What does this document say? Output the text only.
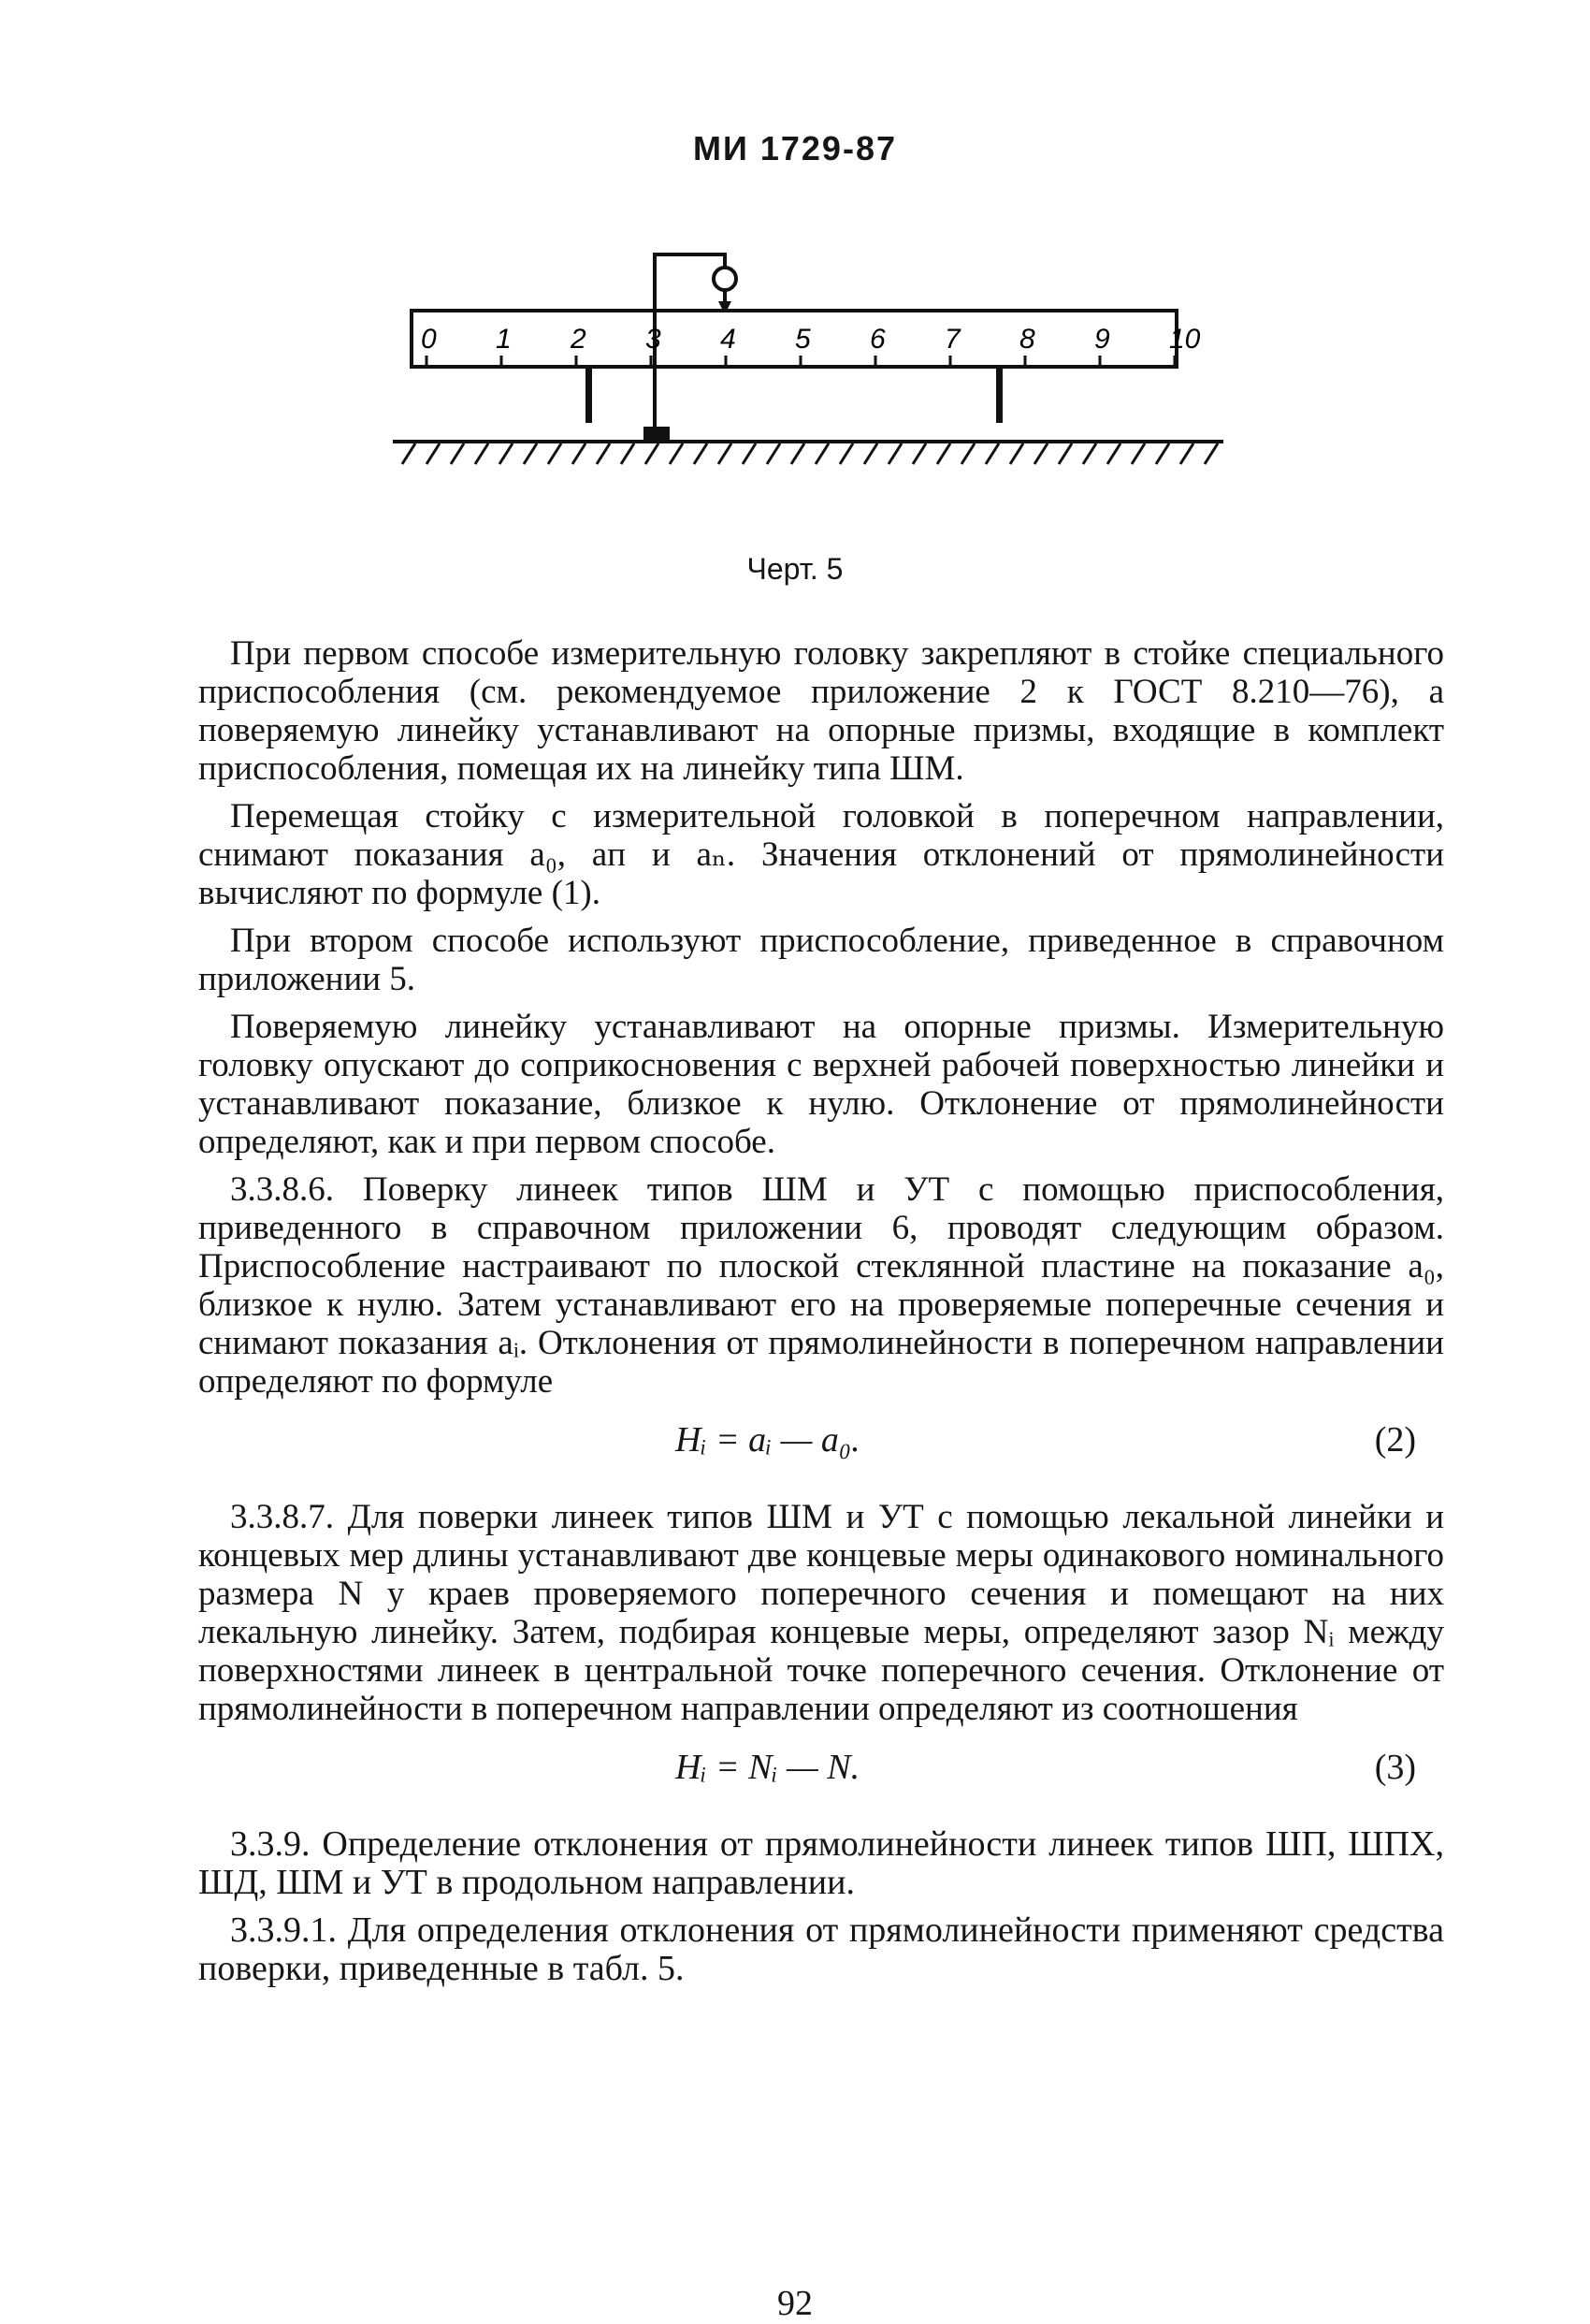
МИ 1729-87
0 1 2 3 4 5 6 7 8 9 10
Черт. 5

При первом способе измерительную головку закрепляют в стойке специального приспособления (см. рекомендуемое приложение 2 к ГОСТ 8.210—76), а поверяемую линейку устанавливают на опорные призмы, входящие в комплект приспособления, помещая их на линейку типа ШМ.

Перемещая стойку с измерительной головкой в поперечном направлении, снимают показания a₀, aп и aₙ. Значения отклонений от прямолинейности вычисляют по формуле (1).

При втором способе используют приспособление, приведенное в справочном приложении 5.

Поверяемую линейку устанавливают на опорные призмы. Измерительную головку опускают до соприкосновения с верхней рабочей поверхностью линейки и устанавливают показание, близкое к нулю. Отклонение от прямолинейности определяют, как и при первом способе.

3.3.8.6. Поверку линеек типов ШМ и УТ с помощью приспособления, приведенного в справочном приложении 6, проводят следующим образом. Приспособление настраивают по плоской стеклянной пластине на показание a₀, близкое к нулю. Затем устанавливают его на проверяемые поперечные сечения и снимают показания aᵢ. Отклонения от прямолинейности в поперечном направлении определяют по формуле

Hᵢ = aᵢ — a₀.	(2)

3.3.8.7. Для поверки линеек типов ШМ и УТ с помощью лекальной линейки и концевых мер длины устанавливают две концевые меры одинакового номинального размера N у краев проверяемого поперечного сечения и помещают на них лекальную линейку. Затем, подбирая концевые меры, определяют зазор Nᵢ между поверхностями линеек в центральной точке поперечного сечения. Отклонение от прямолинейности в поперечном направлении определяют из соотношения

Hᵢ = Nᵢ — N.	(3)

3.3.9. Определение отклонения от прямолинейности линеек типов ШП, ШПХ, ШД, ШМ и УТ в продольном направлении.

3.3.9.1. Для определения отклонения от прямолинейности применяют средства поверки, приведенные в табл. 5.

92
